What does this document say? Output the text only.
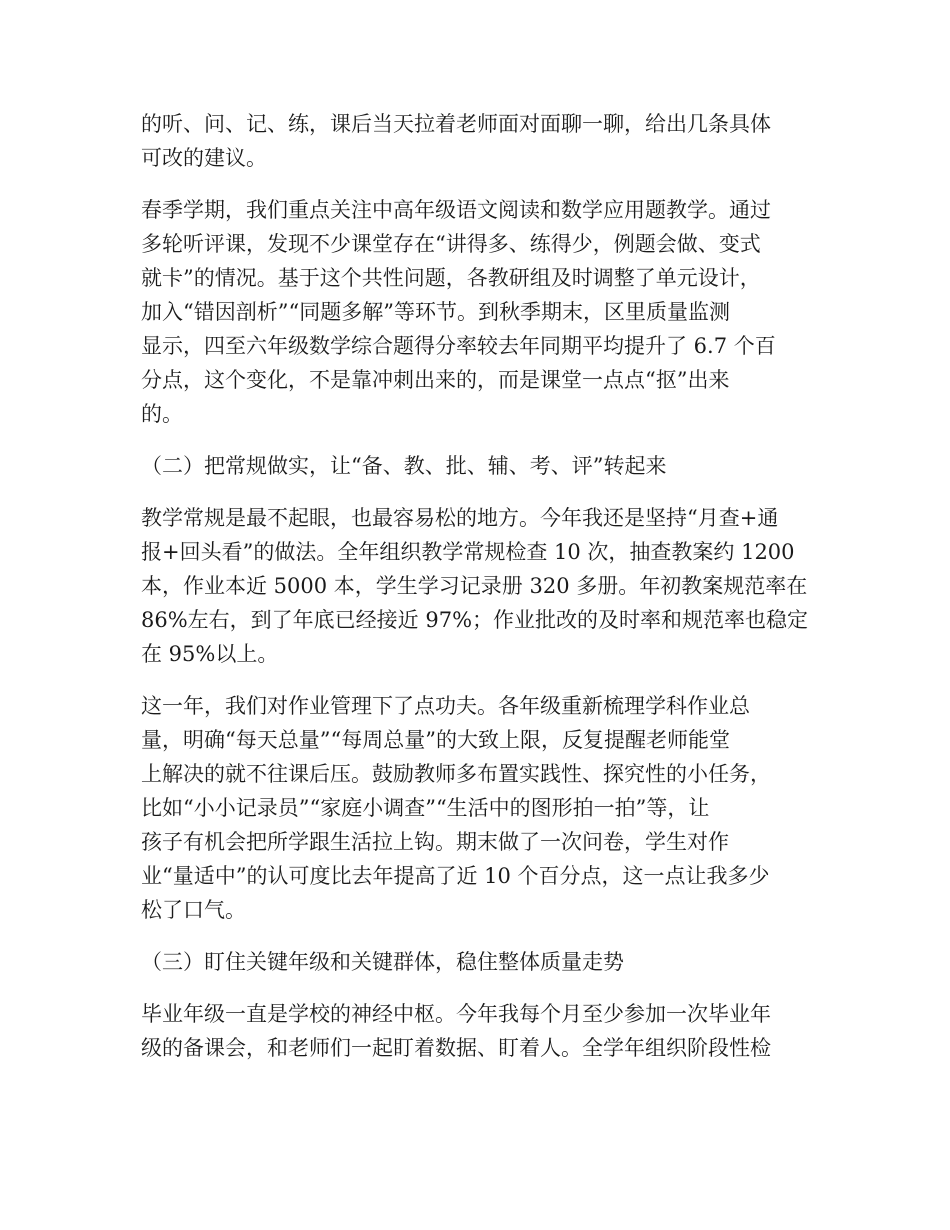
的听、问、记、练，课后当天拉着老师面对面聊一聊，给出几条具体
可改的建议。
春季学期，我们重点关注中高年级语文阅读和数学应用题教学。通过
多轮听评课，发现不少课堂存在“讲得多、练得少，例题会做、变式
就卡”的情况。基于这个共性问题，各教研组及时调整了单元设计，
加入“错因剖析”“同题多解”等环节。到秋季期末，区里质量监测
显示，四至六年级数学综合题得分率较去年同期平均提升了 6.7 个百
分点，这个变化，不是靠冲刺出来的，而是课堂一点点“抠”出来
的。
（二）把常规做实，让“备、教、批、辅、考、评”转起来
教学常规是最不起眼，也最容易松的地方。今年我还是坚持“月查+通
报+回头看”的做法。全年组织教学常规检查 10 次，抽查教案约 1200
本，作业本近 5000 本，学生学习记录册 320 多册。年初教案规范率在
86%左右，到了年底已经接近 97%；作业批改的及时率和规范率也稳定
在 95%以上。
这一年，我们对作业管理下了点功夫。各年级重新梳理学科作业总
量，明确“每天总量”“每周总量”的大致上限，反复提醒老师能堂
上解决的就不往课后压。鼓励教师多布置实践性、探究性的小任务，
比如“小小记录员”“家庭小调查”“生活中的图形拍一拍”等，让
孩子有机会把所学跟生活拉上钩。期末做了一次问卷，学生对作
业“量适中”的认可度比去年提高了近 10 个百分点，这一点让我多少
松了口气。
（三）盯住关键年级和关键群体，稳住整体质量走势
毕业年级一直是学校的神经中枢。今年我每个月至少参加一次毕业年
级的备课会，和老师们一起盯着数据、盯着人。全学年组织阶段性检
